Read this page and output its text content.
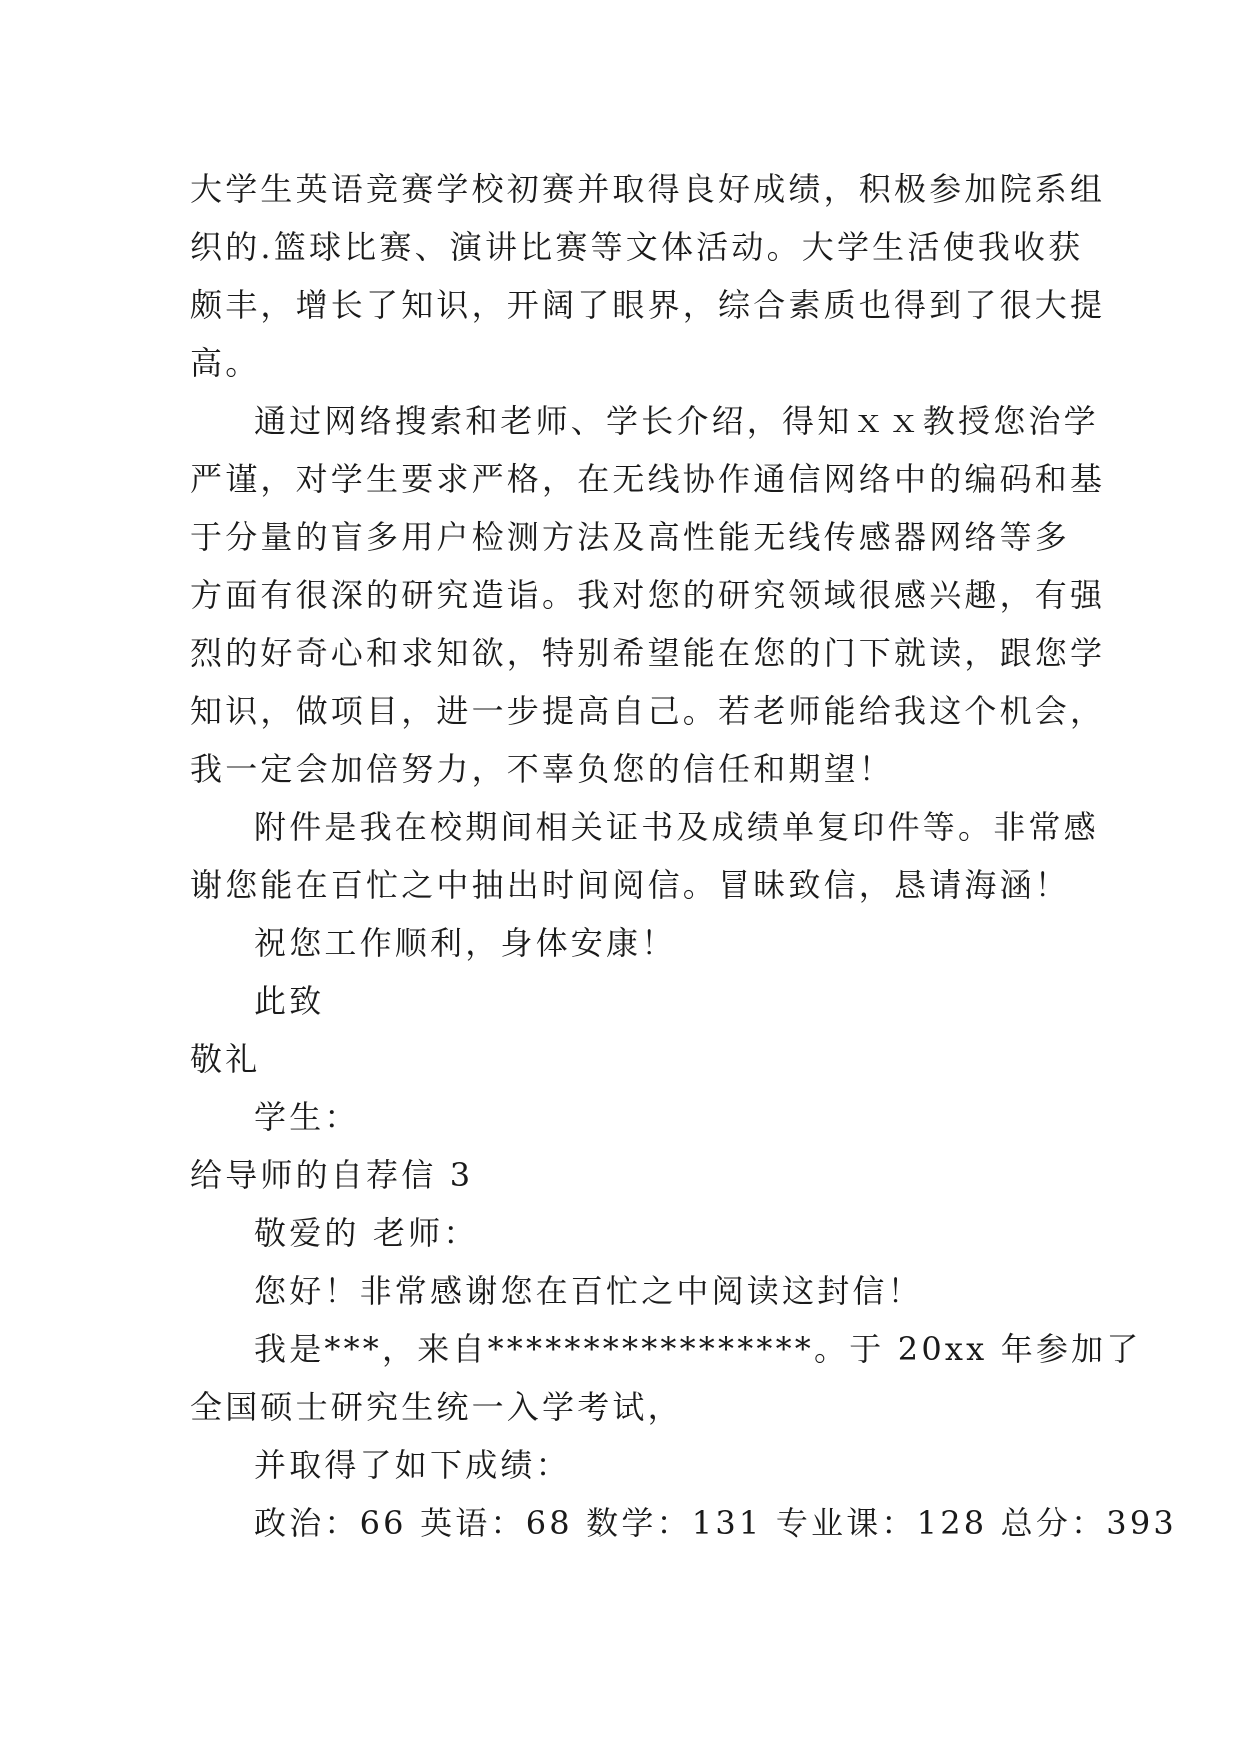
大学生英语竞赛学校初赛并取得良好成绩，积极参加院系组
织的.篮球比赛、演讲比赛等文体活动。大学生活使我收获
颇丰，增长了知识，开阔了眼界，综合素质也得到了很大提
高。
通过网络搜索和老师、学长介绍，得知ｘｘ教授您治学
严谨，对学生要求严格，在无线协作通信网络中的编码和基
于分量的盲多用户检测方法及高性能无线传感器网络等多
方面有很深的研究造诣。我对您的研究领域很感兴趣，有强
烈的好奇心和求知欲，特别希望能在您的门下就读，跟您学
知识，做项目，进一步提高自己。若老师能给我这个机会，
我一定会加倍努力，不辜负您的信任和期望！
附件是我在校期间相关证书及成绩单复印件等。非常感
谢您能在百忙之中抽出时间阅信。冒昧致信，恳请海涵！
祝您工作顺利，身体安康！
此致
敬礼
学生：
给导师的自荐信 3
敬爱的 老师：
您好！非常感谢您在百忙之中阅读这封信！
我是***，来自*****************。于 20xx 年参加了
全国硕士研究生统一入学考试，
并取得了如下成绩：
政治：66 英语：68 数学：131 专业课：128 总分：393
